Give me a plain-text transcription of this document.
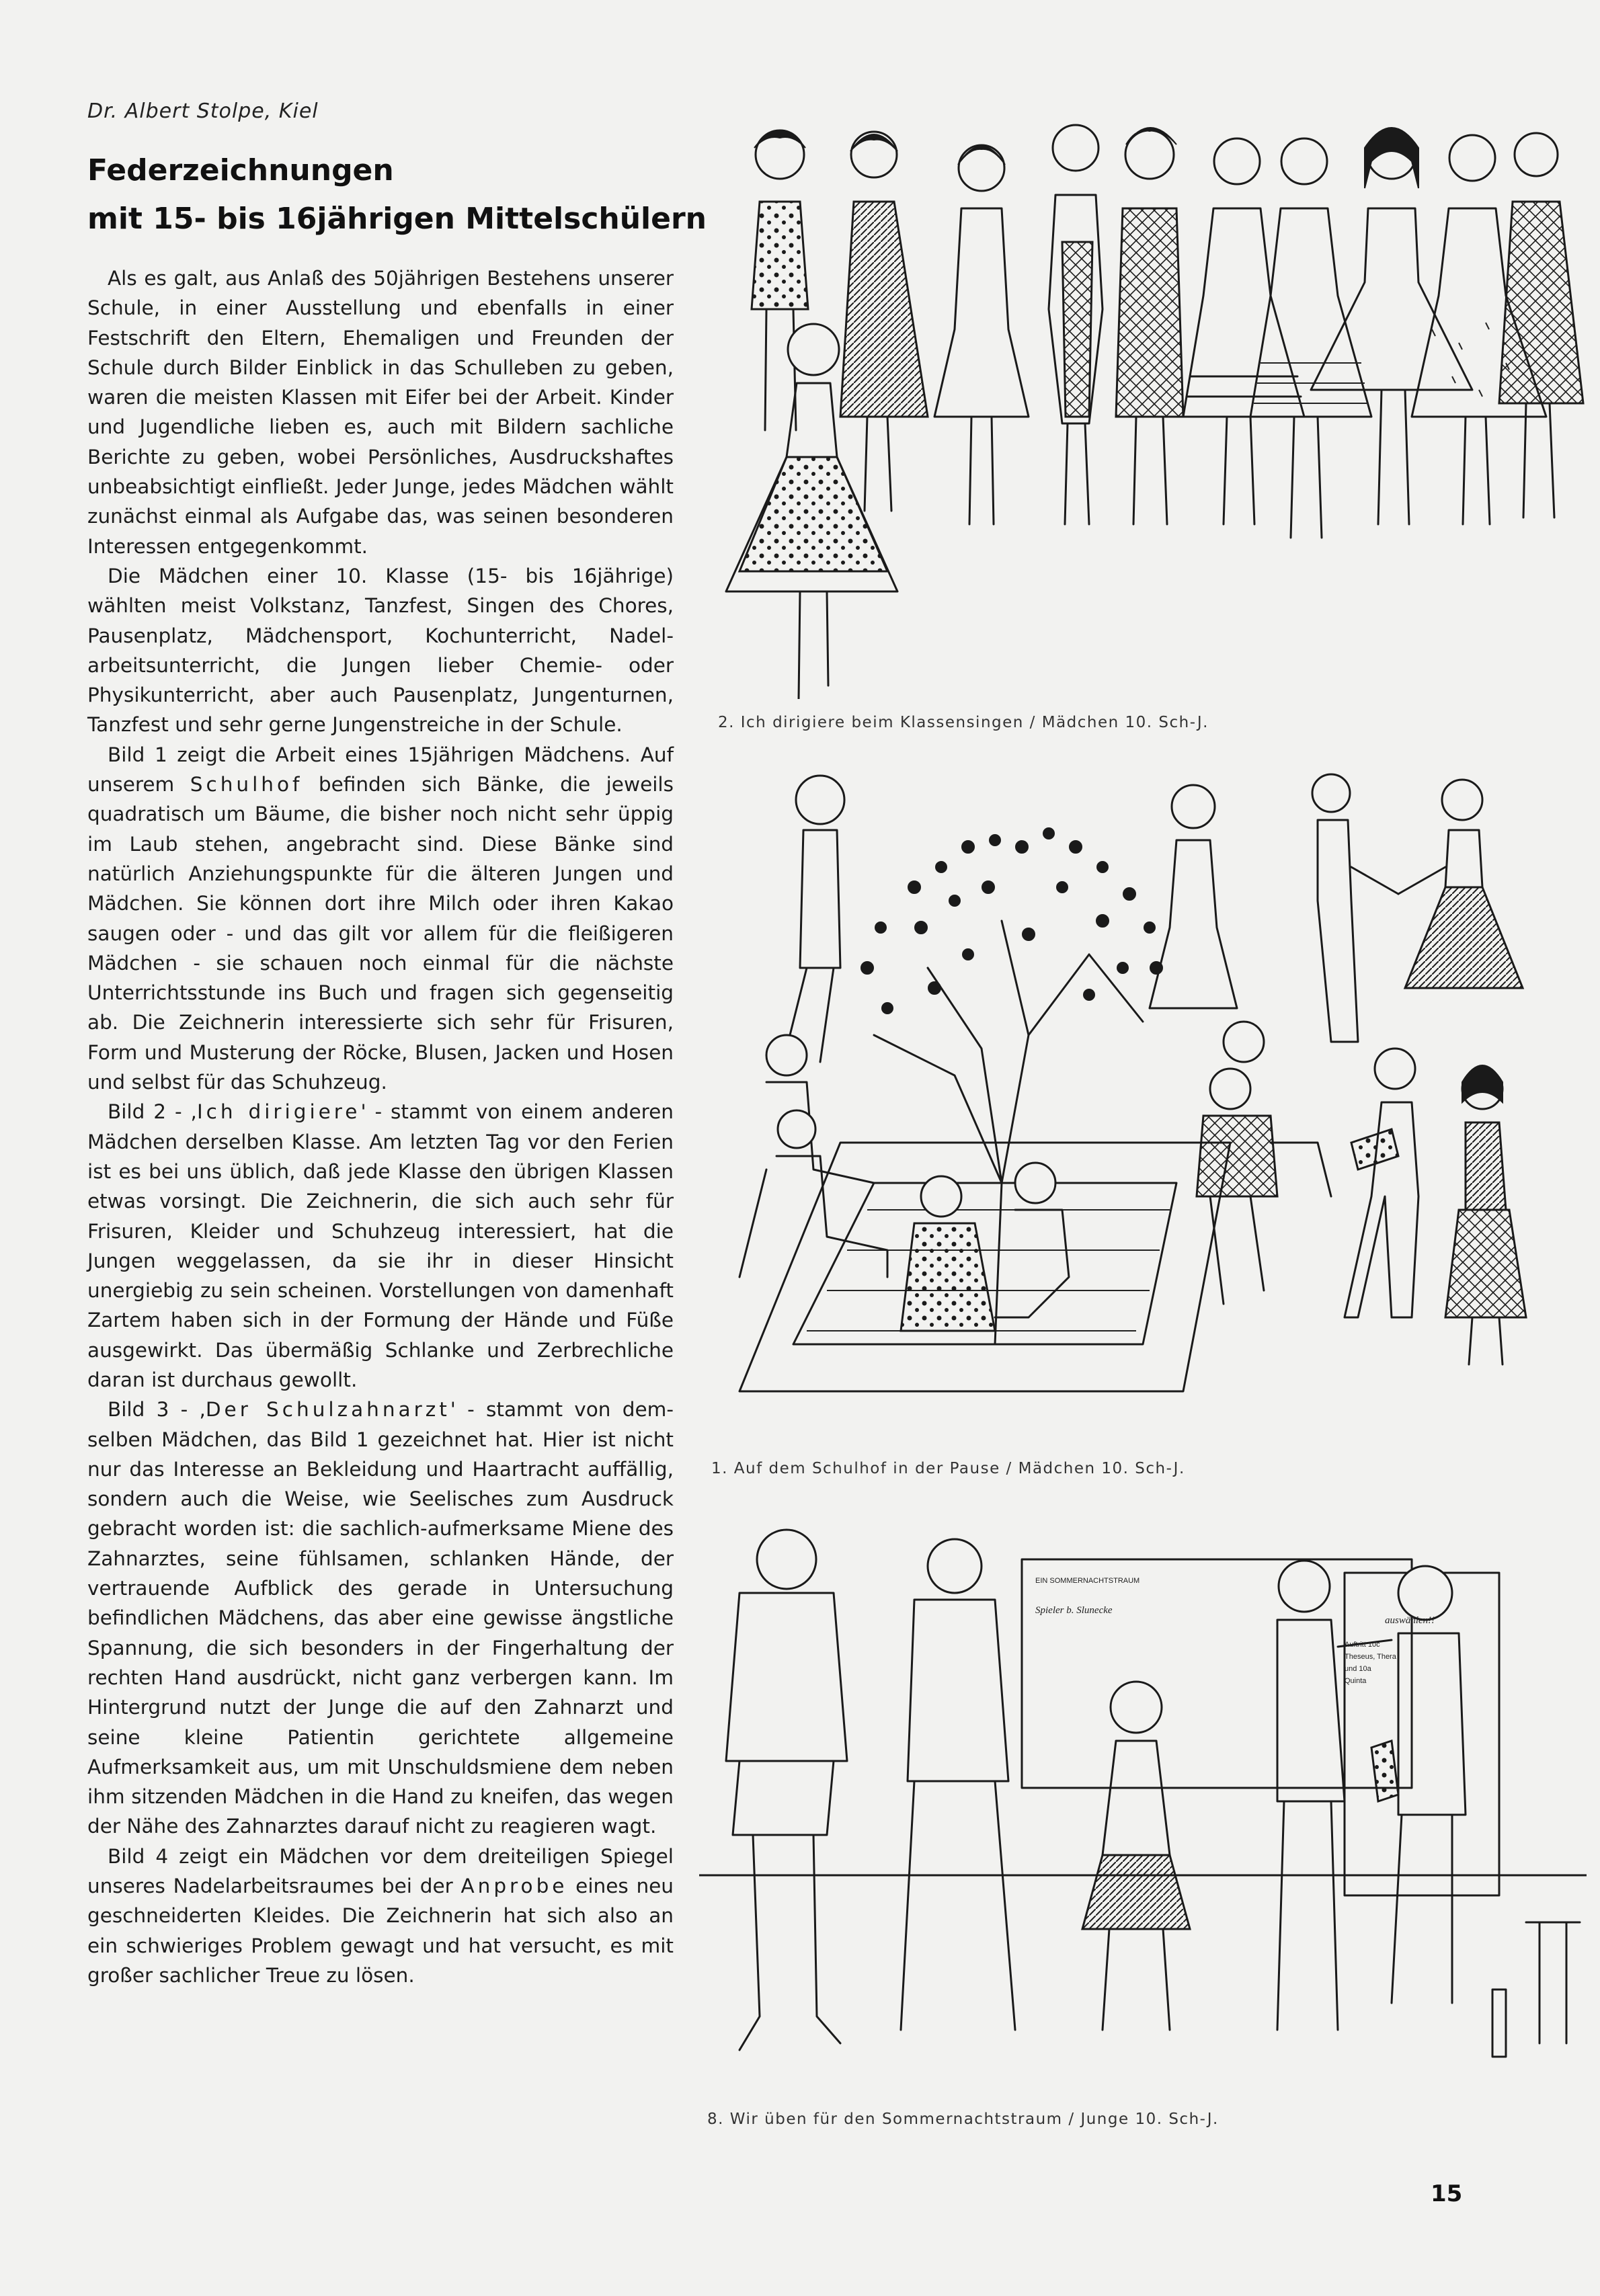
Dr. Albert Stolpe, Kiel
Federzeichnungen
mit 15- bis 16jährigen Mittelschülern

Als es galt, aus Anlaß des 50jährigen Bestehens unserer Schule, in einer Ausstellung und ebenfalls in einer Festschrift den Eltern, Ehemaligen und Freunden der Schule durch Bilder Einblick in das Schulleben zu geben, waren die meisten Klassen mit Eifer bei der Arbeit. Kinder und Jugendliche lieben es, auch mit Bildern sachliche Berichte zu geben, wobei Persönliches, Ausdruckshaftes unbeabsichtigt einfließt. Jeder Junge, jedes Mädchen wählt zunächst einmal als Aufgabe das, was seinen besonderen Interessen entgegenkommt.

Die Mädchen einer 10. Klasse (15- bis 16jährige) wählten meist Volkstanz, Tanzfest, Singen des Chores, Pausenplatz, Mädchensport, Kochunterricht, Nadelarbeitsunterricht, die Jungen lieber Chemie- oder Physikunterricht, aber auch Pausenplatz, Jungenturnen, Tanzfest und sehr gerne Jungenstreiche in der Schule.

Bild 1 zeigt die Arbeit eines 15jährigen Mädchens. Auf unserem Schulhof befinden sich Bänke, die jeweils quadratisch um Bäume, die bisher noch nicht sehr üppig im Laub stehen, angebracht sind. Diese Bänke sind natürlich Anziehungspunkte für die älteren Jungen und Mädchen. Sie können dort ihre Milch oder ihren Kakao saugen oder - und das gilt vor allem für die fleißigeren Mädchen - sie schauen noch einmal für die nächste Unterrichtsstunde ins Buch und fragen sich gegenseitig ab. Die Zeichnerin interessierte sich sehr für Frisuren, Form und Musterung der Röcke, Blusen, Jacken und Hosen und selbst für das Schuhzeug.

Bild 2 - ,Ich dirigiere' - stammt von einem anderen Mädchen derselben Klasse. Am letzten Tag vor den Ferien ist es bei uns üblich, daß jede Klasse den übrigen Klassen etwas vorsingt. Die Zeichnerin, die sich auch sehr für Frisuren, Kleider und Schuhzeug interessiert, hat die Jungen weggelassen, da sie ihr in dieser Hinsicht unergiebig zu sein scheinen. Vorstellungen von damenhaft Zartem haben sich in der Formung der Hände und Füße ausgewirkt. Das übermäßig Schlanke und Zerbrechliche daran ist durchaus gewollt.

Bild 3 - ,Der Schulzahnarzt' - stammt von demselben Mädchen, das Bild 1 gezeichnet hat. Hier ist nicht nur das Interesse an Bekleidung und Haartracht auffällig, sondern auch die Weise, wie Seelisches zum Ausdruck gebracht worden ist: die sachlich-aufmerksame Miene des Zahnarztes, seine fühlsamen, schlanken Hände, der vertrauende Aufblick des gerade in Untersuchung befindlichen Mädchens, das aber eine gewisse ängstliche Spannung, die sich besonders in der Fingerhaltung der rechten Hand ausdrückt, nicht ganz verbergen kann. Im Hintergrund nutzt der Junge die auf den Zahnarzt und seine kleine Patientin gerichtete allgemeine Aufmerksamkeit aus, um mit Unschuldsmiene dem neben ihm sitzenden Mädchen in die Hand zu kneifen, das wegen der Nähe des Zahnarztes darauf nicht zu reagieren wagt.

Bild 4 zeigt ein Mädchen vor dem dreiteiligen Spiegel unseres Nadelarbeitsraumes bei der Anprobe eines neu geschneiderten Kleides. Die Zeichnerin hat sich also an ein schwieriges Problem gewagt und hat versucht, es mit großer sachlicher Treue zu lösen.

2. Ich dirigiere beim Klassensingen / Mädchen 10. Sch-J.
1. Auf dem Schulhof in der Pause / Mädchen 10. Sch-J.
EIN SOMMERNACHTSTRAUM
Spieler b. Slunecke
auswählen!!
Auftritt 10c
Theseus, Thera
und 10a
Quinta
8. Wir üben für den Sommernachtstraum / Junge 10. Sch-J.
15
